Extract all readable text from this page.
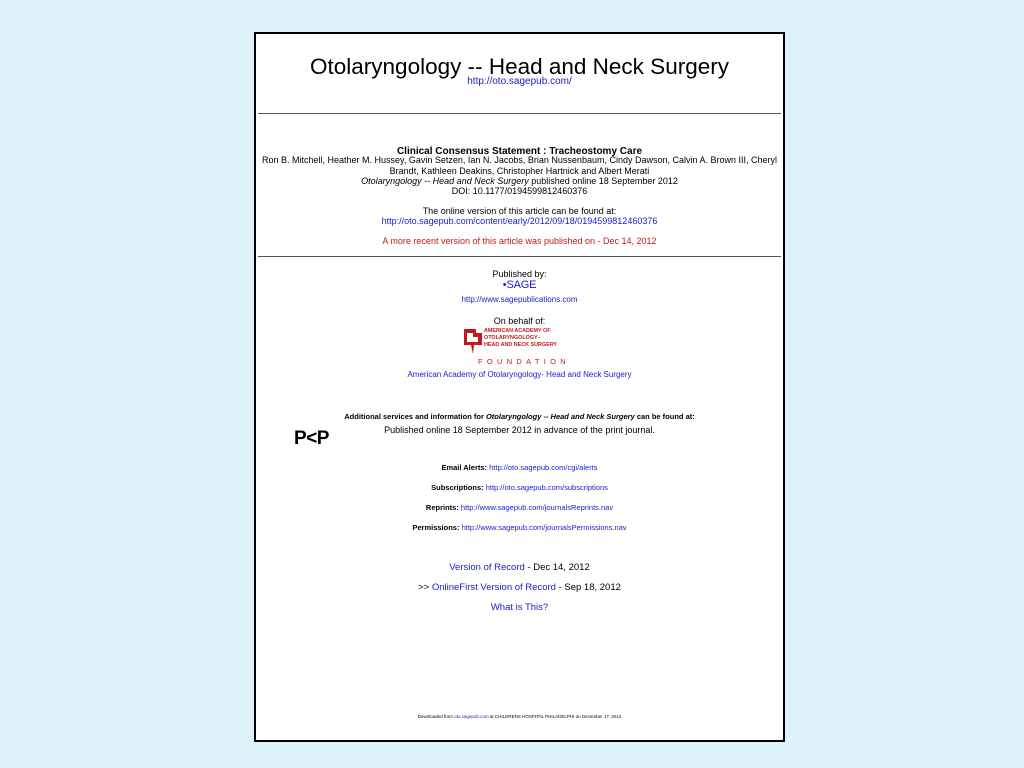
Otolaryngology -- Head and Neck Surgery
http://oto.sagepub.com/
Clinical Consensus Statement : Tracheostomy Care
Ron B. Mitchell, Heather M. Hussey, Gavin Setzen, Ian N. Jacobs, Brian Nussenbaum, Cindy Dawson, Calvin A. Brown III, Cheryl Brandt, Kathleen Deakins, Christopher Hartnick and Albert Merati
Otolaryngology -- Head and Neck Surgery published online 18 September 2012
DOI: 10.1177/0194599812460376
The online version of this article can be found at:
http://oto.sagepub.com/content/early/2012/09/18/0194599812460376
A more recent version of this article was published on - Dec 14, 2012
Published by:
•SAGE
http://www.sagepublications.com
On behalf of:
AMERICAN ACADEMY OF
OTOLARYNGOLOGY–
HEAD AND NECK SURGERY
FOUNDATION
American Academy of Otolaryngology- Head and Neck Surgery
Additional services and information for Otolaryngology -- Head and Neck Surgery can be found at:
P<P	Published online 18 September 2012 in advance of the print journal.
Email Alerts: http://oto.sagepub.com/cgi/alerts
Subscriptions: http://oto.sagepub.com/subscriptions
Reprints: http://www.sagepub.com/journalsReprints.nav
Permissions: http://www.sagepub.com/journalsPermissions.nav
Version of Record - Dec 14, 2012
>> OnlineFirst Version of Record - Sep 18, 2012
What is This?
Downloaded from oto.sagepub.com at CHILDRENS HOSPITAL PHILADELPHI on December 17, 2012
